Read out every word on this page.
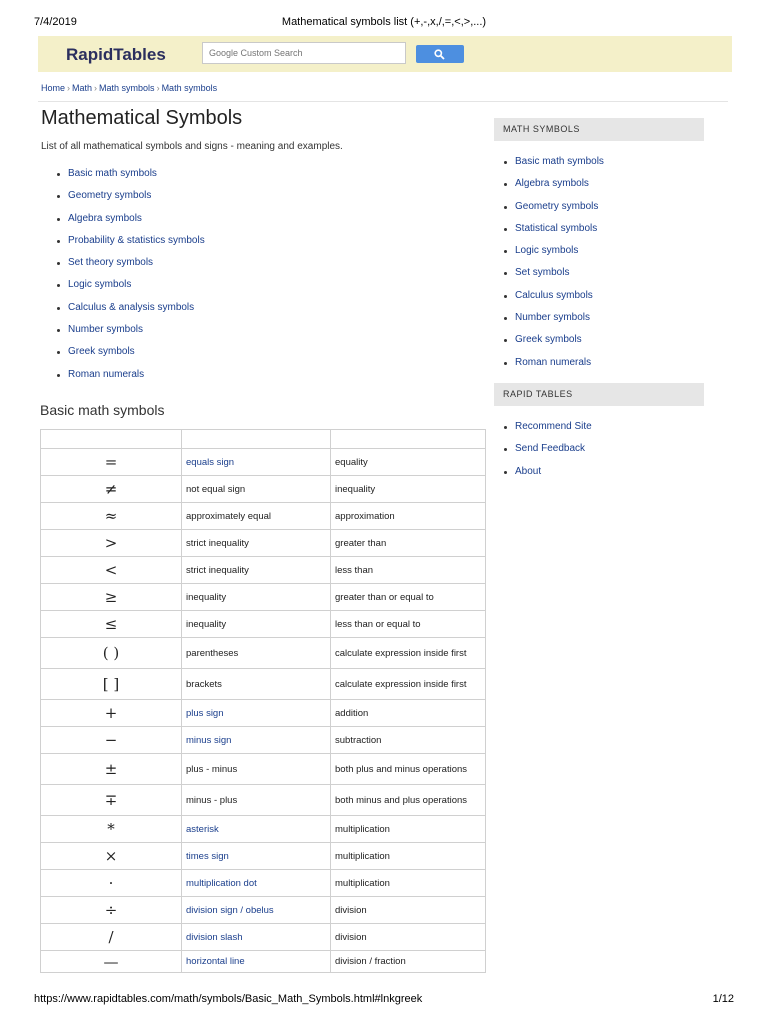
7/4/2019	Mathematical symbols list (+,-,x,/,=,<,>,...)
RapidTables
Google Custom Search
Home › Math › Math symbols › Math symbols
Mathematical Symbols
List of all mathematical symbols and signs - meaning and examples.
Basic math symbols
Geometry symbols
Algebra symbols
Probability & statistics symbols
Set theory symbols
Logic symbols
Calculus & analysis symbols
Number symbols
Greek symbols
Roman numerals
Basic math symbols

=	equals sign	equality
≠	not equal sign	inequality
≈	approximately equal	approximation
>	strict inequality	greater than
<	strict inequality	less than
≥	inequality	greater than or equal to
≤	inequality	less than or equal to
( )	parentheses	calculate expression inside first
[ ]	brackets	calculate expression inside first
+	plus sign	addition
−	minus sign	subtraction
±	plus - minus	both plus and minus operations
∓	minus - plus	both minus and plus operations
*	asterisk	multiplication
×	times sign	multiplication
·	multiplication dot	multiplication
÷	division sign / obelus	division
/	division slash	division
—	horizontal line	division / fraction
MATH SYMBOLS
Basic math symbols
Algebra symbols
Geometry symbols
Statistical symbols
Logic symbols
Set symbols
Calculus symbols
Number symbols
Greek symbols
Roman numerals
RAPID TABLES
Recommend Site
Send Feedback
About
https://www.rapidtables.com/math/symbols/Basic_Math_Symbols.html#lnkgreek	1/12
